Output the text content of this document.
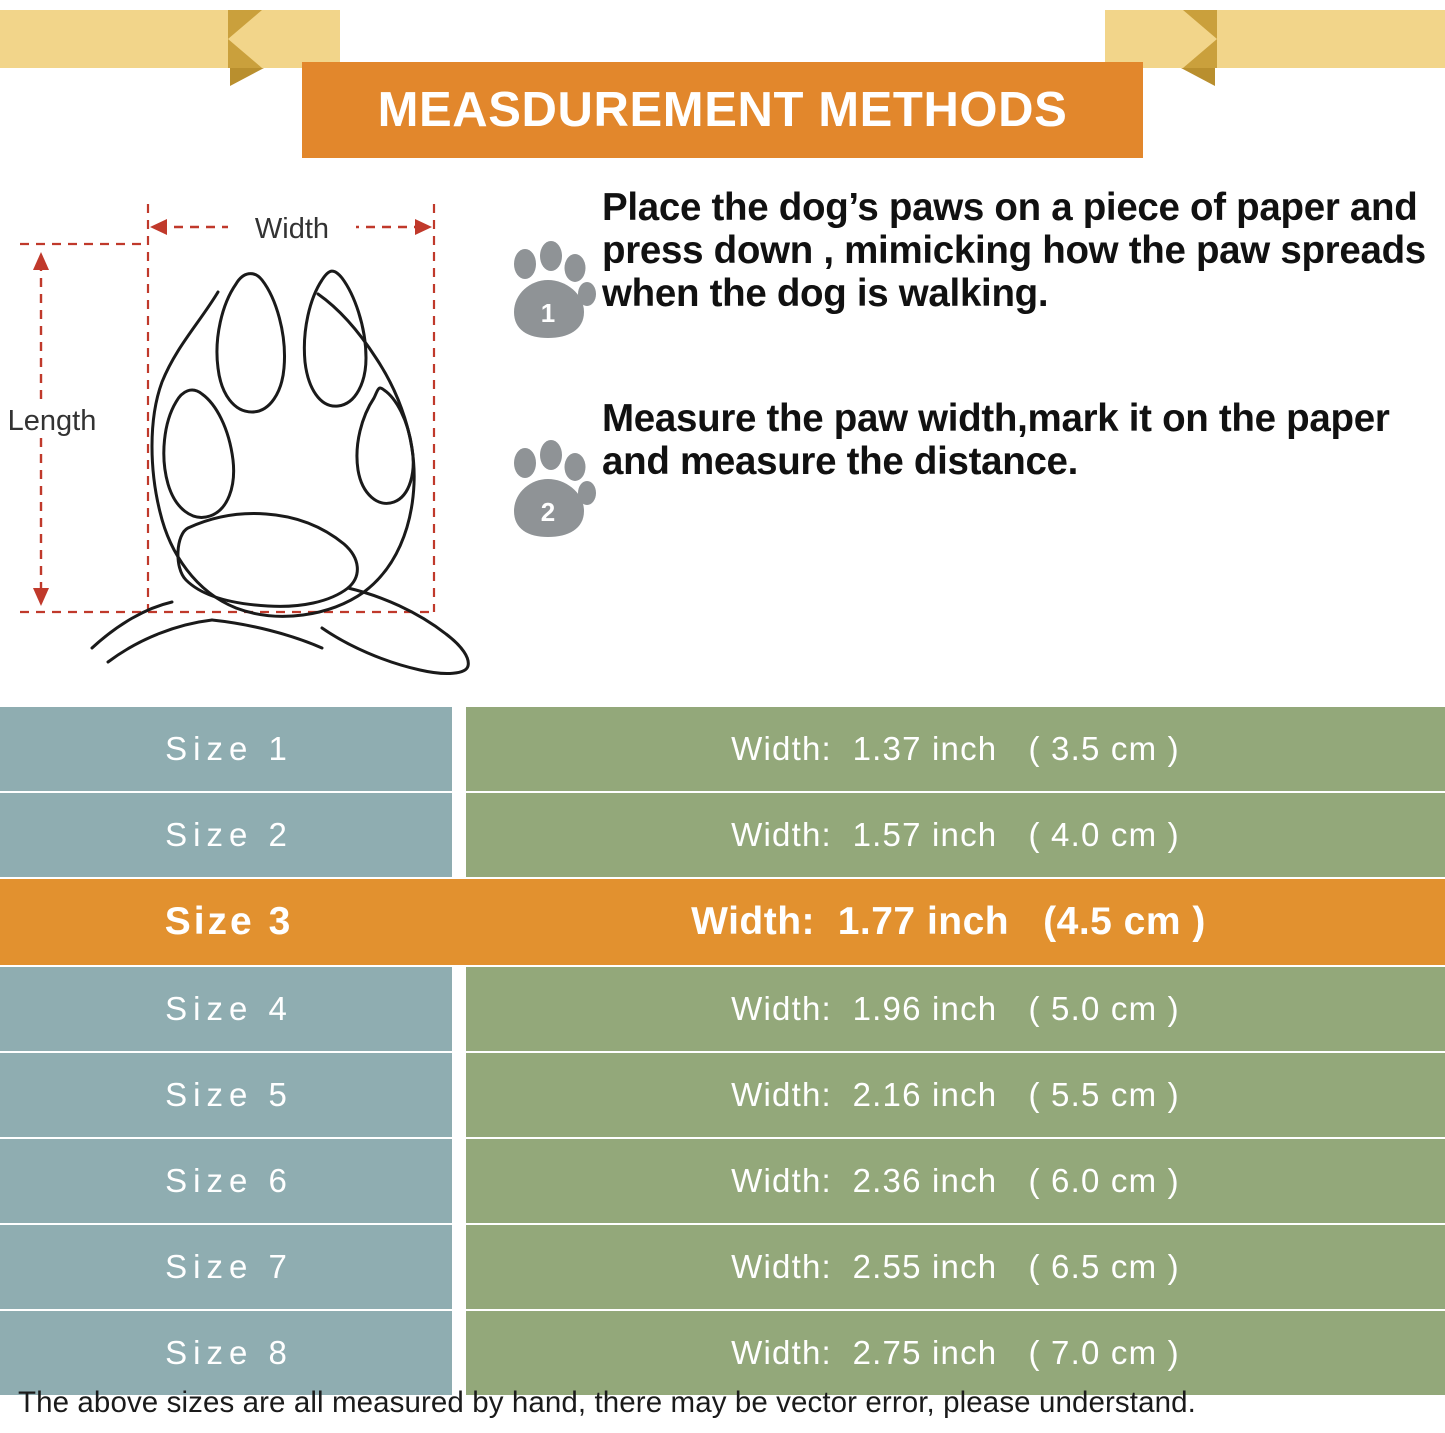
MEASDUREMENT METHODS
Width
Length
1
Place the dog’s paws on a piece of paper and press down , mimicking how the paw spreads when the dog is walking.
2
Measure the paw width,mark it on the paper and measure the distance.
Size 1	Width:  1.37 inch   ( 3.5 cm )
Size 2	Width:  1.57 inch   ( 4.0 cm )
Size 3	Width:  1.77 inch   (4.5 cm )
Size 4	Width:  1.96 inch   ( 5.0 cm )
Size 5	Width:  2.16 inch   ( 5.5 cm )
Size 6	Width:  2.36 inch   ( 6.0 cm )
Size 7	Width:  2.55 inch   ( 6.5 cm )
Size 8	Width:  2.75 inch   ( 7.0 cm )
The above sizes are all measured by hand, there may be vector error, please understand.
